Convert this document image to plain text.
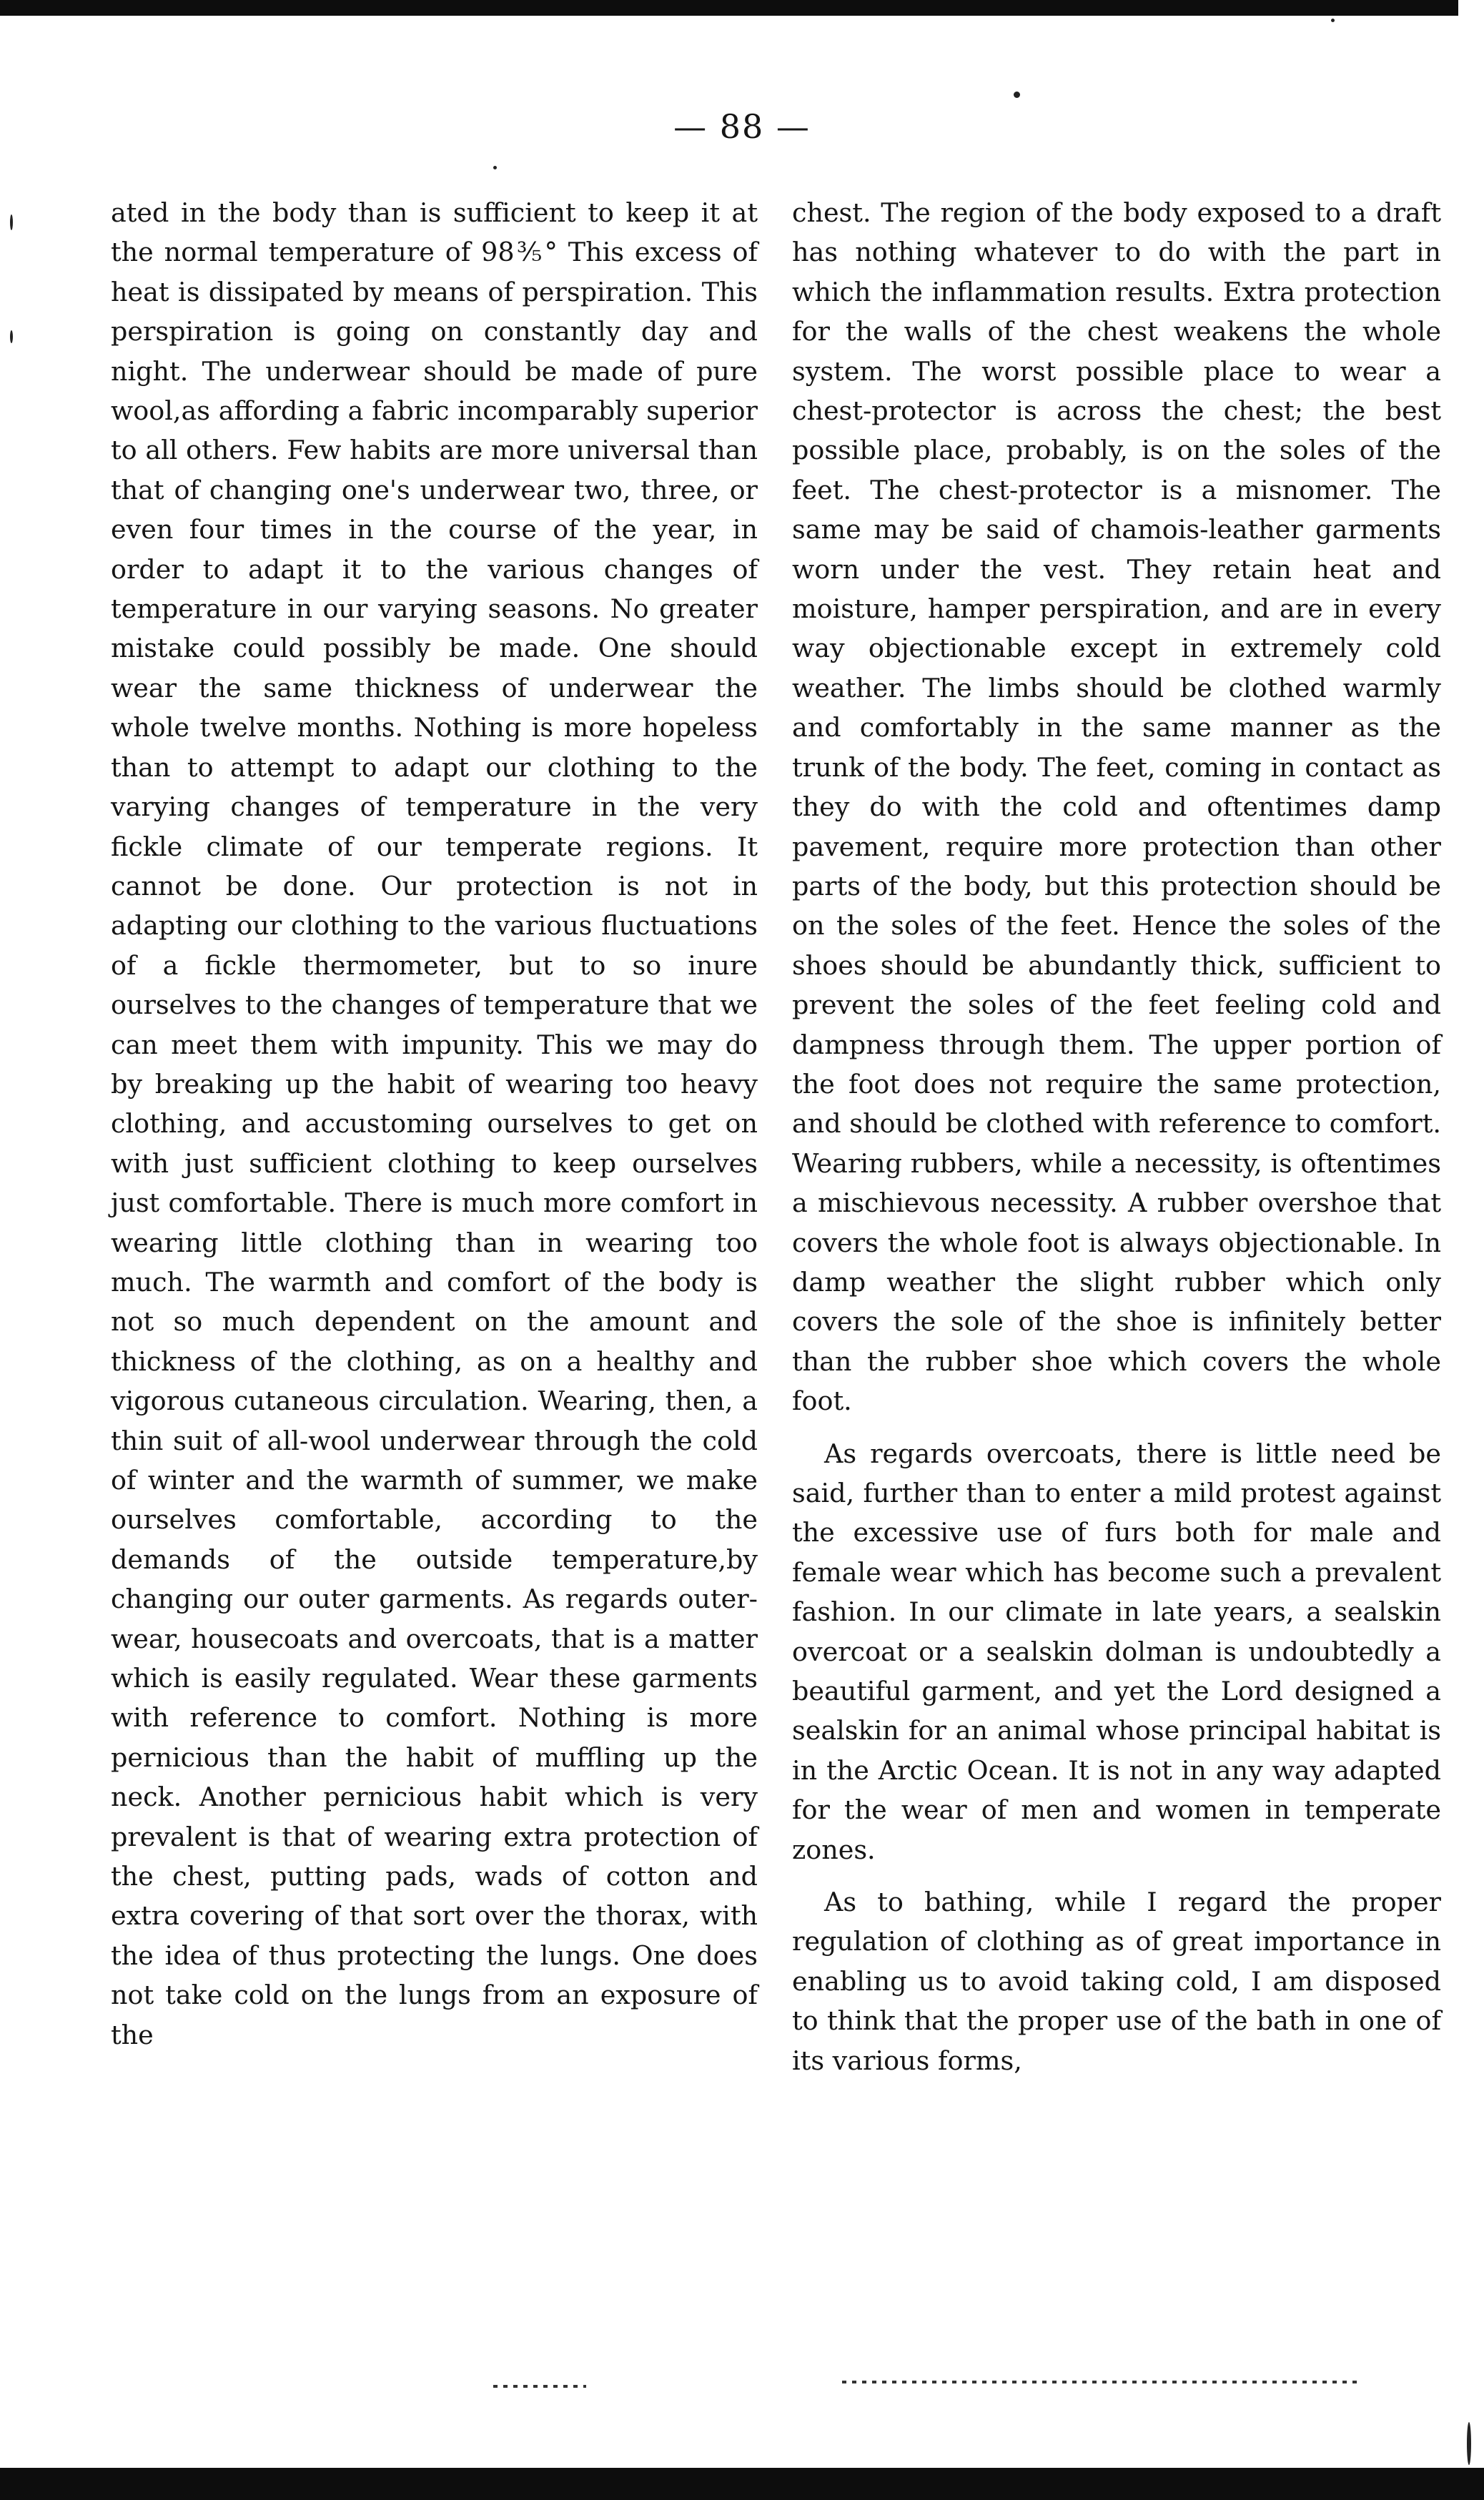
— 88 —

ated in the body than is sufficient to keep it at the normal temperature of 98⅗° This excess of heat is dissipated by means of perspiration. This perspiration is going on constantly day and night. The underwear should be made of pure wool,as affording a fabric incomparably superior to all others. Few habits are more universal than that of changing one's underwear two, three, or even four times in the course of the year, in order to adapt it to the various changes of temperature in our varying seasons. No greater mistake could possibly be made. One should wear the same thickness of underwear the whole twelve months. Nothing is more hopeless than to attempt to adapt our clothing to the varying changes of temperature in the very fickle climate of our temperate regions. It cannot be done. Our protection is not in adapting our clothing to the various fluctuations of a fickle thermometer, but to so inure ourselves to the changes of temperature that we can meet them with impunity. This we may do by breaking up the habit of wearing too heavy clothing, and accustoming ourselves to get on with just sufficient clothing to keep ourselves just comfortable. There is much more comfort in wearing little clothing than in wearing too much. The warmth and comfort of the body is not so much dependent on the amount and thickness of the clothing, as on a healthy and vigorous cutaneous circulation. Wearing, then, a thin suit of all-wool underwear through the cold of winter and the warmth of summer, we make ourselves comfortable, according to the demands of the outside temperature,by changing our outer garments. As regards outer-wear, housecoats and overcoats, that is a matter which is easily regulated. Wear these garments with reference to comfort. Nothing is more pernicious than the habit of muffling up the neck. Another pernicious habit which is very prevalent is that of wearing extra protection of the chest, putting pads, wads of cotton and extra covering of that sort over the thorax, with the idea of thus protecting the lungs. One does not take cold on the lungs from an exposure of the

chest. The region of the body exposed to a draft has nothing whatever to do with the part in which the inflammation results. Extra protection for the walls of the chest weakens the whole system. The worst possible place to wear a chest-protector is across the chest; the best possible place, probably, is on the soles of the feet. The chest-protector is a misnomer. The same may be said of chamois-leather garments worn under the vest. They retain heat and moisture, hamper perspiration, and are in every way objectionable except in extremely cold weather. The limbs should be clothed warmly and comfortably in the same manner as the trunk of the body. The feet, coming in contact as they do with the cold and oftentimes damp pavement, require more protection than other parts of the body, but this protection should be on the soles of the feet. Hence the soles of the shoes should be abundantly thick, sufficient to prevent the soles of the feet feeling cold and dampness through them. The upper portion of the foot does not require the same protection, and should be clothed with reference to comfort. Wearing rubbers, while a necessity, is oftentimes a mischievous necessity. A rubber overshoe that covers the whole foot is always objectionable. In damp weather the slight rubber which only covers the sole of the shoe is infinitely better than the rubber shoe which covers the whole foot.

As regards overcoats, there is little need be said, further than to enter a mild protest against the excessive use of furs both for male and female wear which has become such a prevalent fashion. In our climate in late years, a sealskin overcoat or a sealskin dolman is undoubtedly a beautiful garment, and yet the Lord designed a sealskin for an animal whose principal habitat is in the Arctic Ocean. It is not in any way adapted for the wear of men and women in temperate zones.

As to bathing, while I regard the proper regulation of clothing as of great importance in enabling us to avoid taking cold, I am disposed to think that the proper use of the bath in one of its various forms,
